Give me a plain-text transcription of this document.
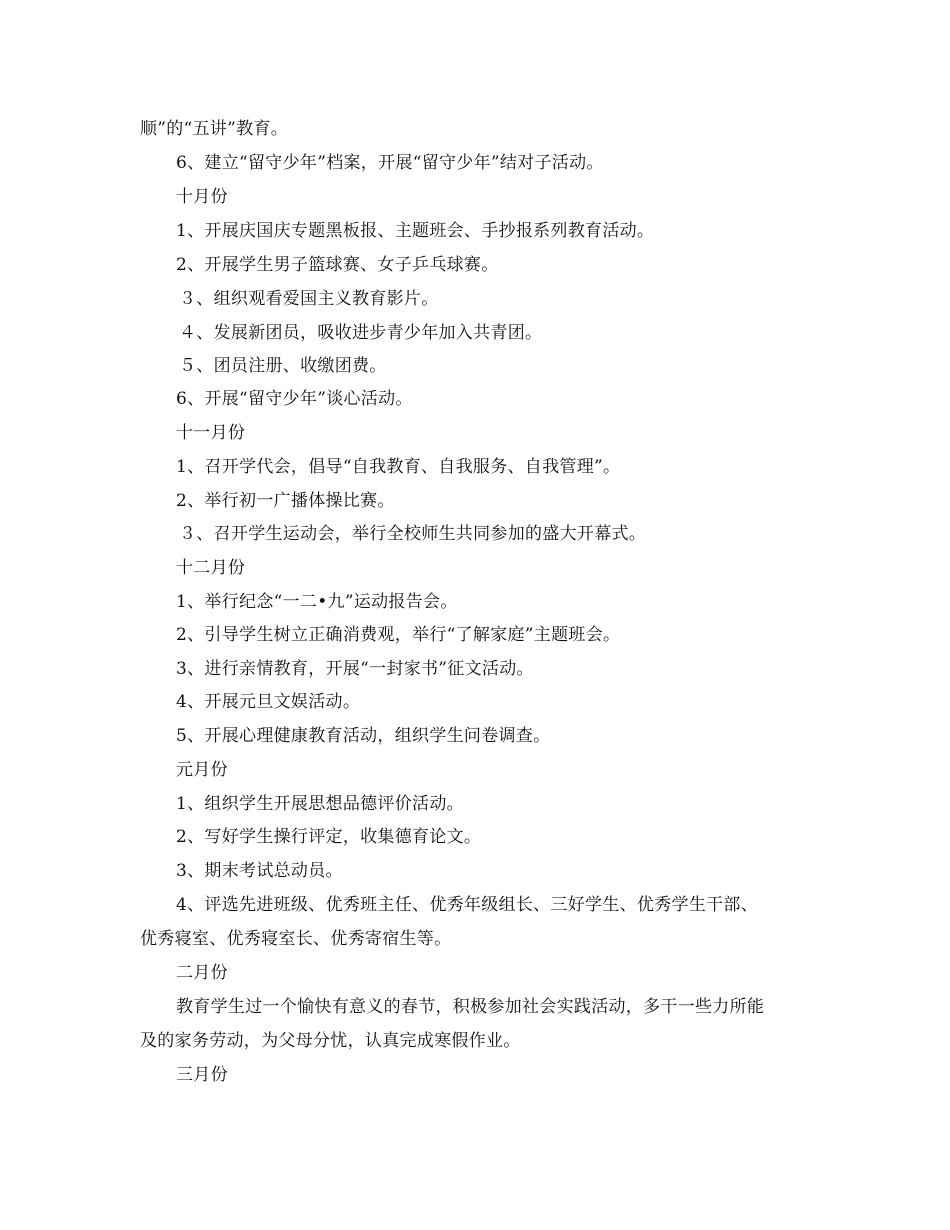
顺”的“五讲”教育。
6、建立“留守少年”档案，开展“留守少年”结对子活动。
十月份
1、开展庆国庆专题黑板报、主题班会、手抄报系列教育活动。
2、开展学生男子篮球赛、女子乒乓球赛。
３、组织观看爱国主义教育影片。
４、发展新团员，吸收进步青少年加入共青团。
５、团员注册、收缴团费。
6、开展“留守少年”谈心活动。
十一月份
1、召开学代会，倡导“自我教育、自我服务、自我管理”。
2、举行初一广播体操比赛。
３、召开学生运动会，举行全校师生共同参加的盛大开幕式。
十二月份
1、举行纪念“一二•九”运动报告会。
2、引导学生树立正确消费观，举行“了解家庭”主题班会。
3、进行亲情教育，开展“一封家书”征文活动。
4、开展元旦文娱活动。
5、开展心理健康教育活动，组织学生问卷调查。
元月份
1、组织学生开展思想品德评价活动。
2、写好学生操行评定，收集德育论文。
3、期末考试总动员。
4、评选先进班级、优秀班主任、优秀年级组长、三好学生、优秀学生干部、
优秀寝室、优秀寝室长、优秀寄宿生等。
二月份
教育学生过一个愉快有意义的春节，积极参加社会实践活动，多干一些力所能
及的家务劳动，为父母分忧，认真完成寒假作业。
三月份
